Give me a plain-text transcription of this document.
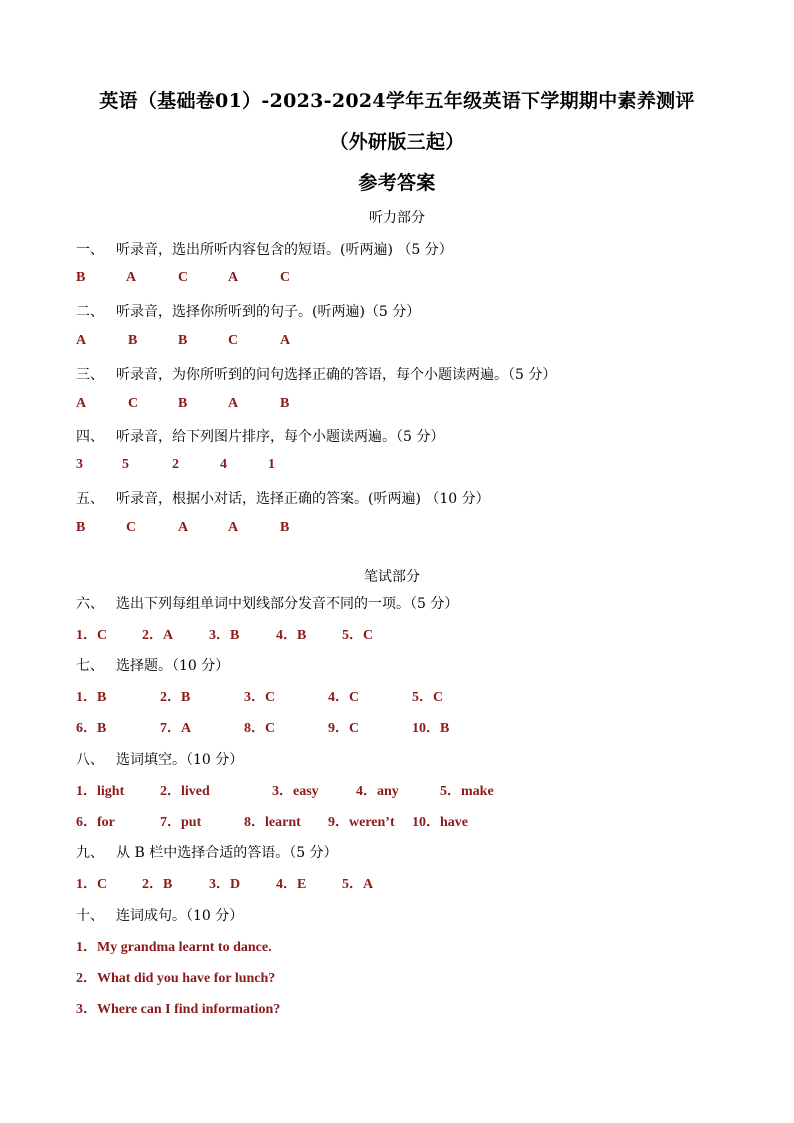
英语（基础卷01）-2023-2024学年五年级英语下学期期中素养测评
（外研版三起）
参考答案
听力部分
一、 听录音，选出所听内容包含的短语。(听两遍) （5 分）
B	A	C	A	C
二、 听录音，选择你所听到的句子。(听两遍)（5 分）
A	B	B	C	A
三、 听录音，为你所听到的问句选择正确的答语，每个小题读两遍。（5 分）
A	C	B	A	B
四、 听录音，给下列图片排序，每个小题读两遍。（5 分）
3	5	2	4	1
五、 听录音，根据小对话，选择正确的答案。(听两遍) （10 分）
B	C	A	A	B
笔试部分
六、 选出下列每组单词中划线部分发音不同的一项。（5 分）
1．C 2．A	3．B	4．B	5．C
七、 选择题。（10 分）
1．B	2．B	3．C	4．C	5．C
6．B	7．A	8．C	9．C	10．B
八、 选词填空。（10 分）
1．light	2．lived	3．easy	4．any	5．make
6．for	7．put	8．learnt 9．weren’t 10．have
九、 从 B 栏中选择合适的答语。（5 分）
1．C 2．B	3．D	4．E	5．A
十、 连词成句。（10 分）
1．My grandma learnt to dance.
2．What did you have for lunch?
3．Where can I find information?
